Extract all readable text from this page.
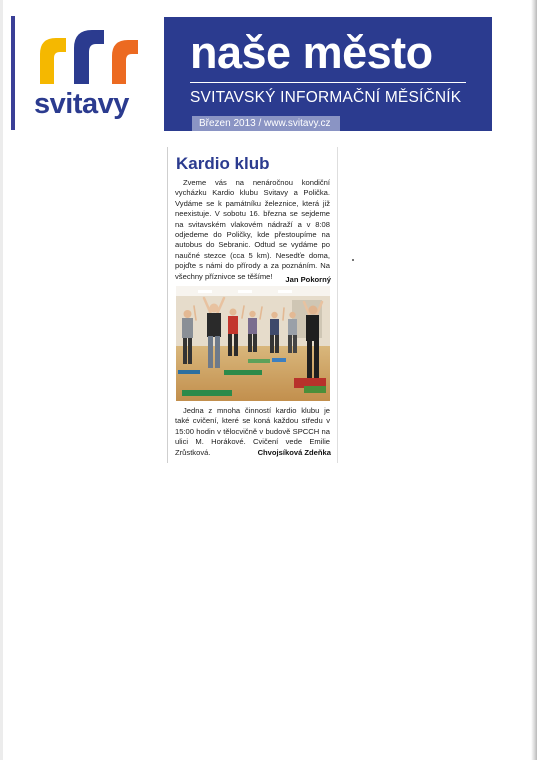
svitavy
naše město
SVITAVSKÝ INFORMAČNÍ MĚSÍČNÍK
Březen 2013 / www.svitavy.cz
Kardio klub
Zveme vás na nenáročnou kondiční vycházku Kardio klubu Svitavy a Polička. Vydáme se k památníku železnice, která již neexistuje. V sobotu 16. března se sejdeme na svitavském vlakovém nádraží a v 8:08 odjedeme do Poličky, kde přestoupíme na autobus do Sebranic. Odtud se vydáme po naučné stezce (cca 5 km). Nesedťe doma, pojďte s námi do přírody a za poznáním. Na všechny příznivce se těšíme!	Jan Pokorný
Jedna z mnoha činností kardio klubu je také cvičení, které se koná každou středu v 15:00 hodin v tělocvičně v budově SPCCH na ulici M. Horákové. Cvičení vede Emilie Zrůstková.	Chvojsíková Zdeňka
